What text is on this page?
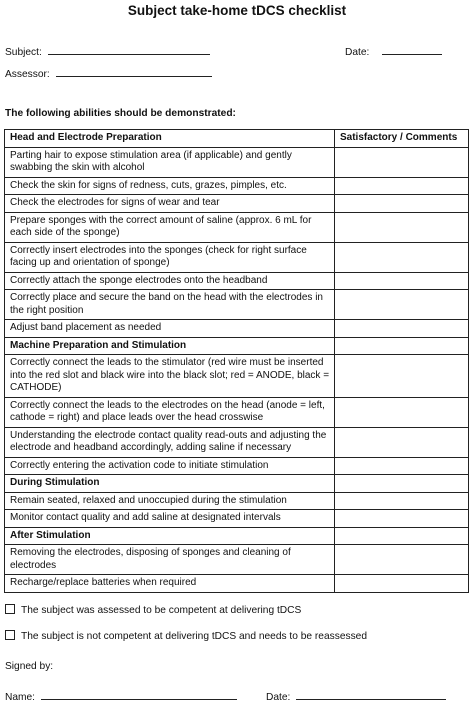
Subject take-home tDCS checklist
Subject:	Date:
Assessor:
The following abilities should be demonstrated:
Head and Electrode Preparation	Satisfactory / Comments
Parting hair to expose stimulation area (if applicable) and gently swabbing the skin with alcohol	
Check the skin for signs of redness, cuts, grazes, pimples, etc.	
Check the electrodes for signs of wear and tear	
Prepare sponges with the correct amount of saline (approx. 6 mL for each side of the sponge)	
Correctly insert electrodes into the sponges (check for right surface facing up and orientation of sponge)	
Correctly attach the sponge electrodes onto the headband	
Correctly place and secure the band on the head with the electrodes in the right position	
Adjust band placement as needed	
Machine Preparation and Stimulation	
Correctly connect the leads to the stimulator (red wire must be inserted into the red slot and black wire into the black slot; red = ANODE, black = CATHODE)	
Correctly connect the leads to the electrodes on the head (anode = left, cathode = right) and place leads over the head crosswise	
Understanding the electrode contact quality read-outs and adjusting the electrode and headband accordingly, adding saline if necessary	
Correctly entering the activation code to initiate stimulation	
During Stimulation	
Remain seated, relaxed and unoccupied during the stimulation	
Monitor contact quality and add saline at designated intervals	
After Stimulation	
Removing the electrodes, disposing of sponges and cleaning of electrodes	
Recharge/replace batteries when required	
The subject was assessed to be competent at delivering tDCS
The subject is not competent at delivering tDCS and needs to be reassessed
Signed by:
Name:	Date:
